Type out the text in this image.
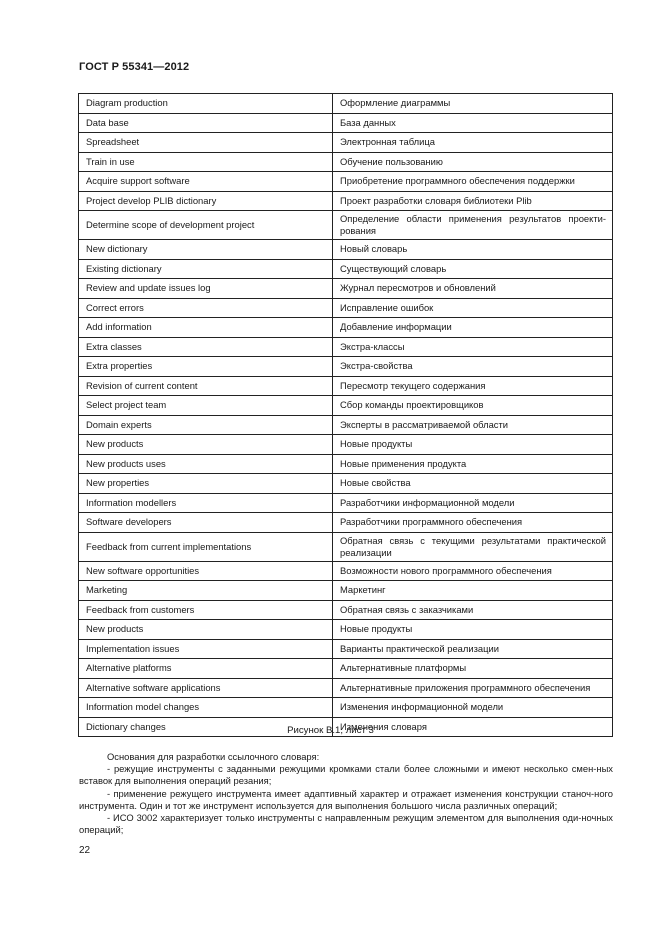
ГОСТ Р 55341—2012
Diagram production	Оформление диаграммы
Data base	База данных
Spreadsheet	Электронная таблица
Train in use	Обучение пользованию
Acquire support software	Приобретение программного обеспечения поддержки
Project develop PLIB dictionary	Проект разработки словаря библиотеки Plib
Determine scope of development project	Определение области применения результатов проекти-рования
New dictionary	Новый словарь
Existing dictionary	Существующий словарь
Review and update issues log	Журнал пересмотров и обновлений
Correct errors	Исправление ошибок
Add information	Добавление информации
Extra classes	Экстра-классы
Extra properties	Экстра-свойства
Revision of current content	Пересмотр текущего содержания
Select project team	Сбор команды проектировщиков
Domain experts	Эксперты в рассматриваемой области
New products	Новые продукты
New products uses	Новые применения продукта
New properties	Новые свойства
Information modellers	Разработчики информационной модели
Software developers	Разработчики программного обеспечения
Feedback from current implementations	Обратная связь с текущими результатами практической реализации
New software opportunities	Возможности нового программного обеспечения
Marketing	Маркетинг
Feedback from customers	Обратная связь с заказчиками
New products	Новые продукты
Implementation issues	Варианты практической реализации
Alternative platforms	Альтернативные платформы
Alternative software applications	Альтернативные приложения программного обеспечения
Information model changes	Изменения информационной модели
Dictionary changes	Изменения словаря
Рисунок В.1, лист 3

Основания для разработки ссылочного словаря:

- режущие инструменты с заданными режущими кромками стали более сложными и имеют несколько смен-ных вставок для выполнения операций резания;

- применение режущего инструмента имеет адаптивный характер и отражает изменения конструкции станоч-ного инструмента. Один и тот же инструмент используется для выполнения большого числа различных операций;

- ИСО 3002 характеризует только инструменты с направленным режущим элементом для выполнения оди-ночных операций;

22
